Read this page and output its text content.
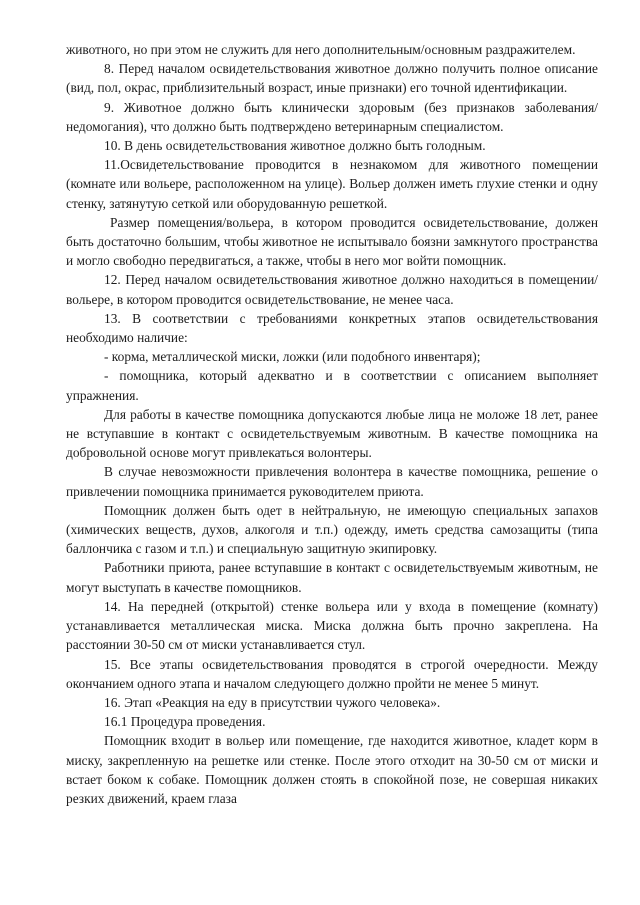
животного, но при этом не служить для него дополнительным/основным раздражителем.

8. Перед началом освидетельствования животное должно получить полное описание (вид, пол, окрас, приблизительный возраст, иные признаки) его точной идентификации.

9. Животное должно быть клинически здоровым (без признаков заболевания/недомогания), что должно быть подтверждено ветеринарным специалистом.

10. В день освидетельствования животное должно быть голодным.

11.Освидетельствование проводится в незнакомом для животного помещении (комнате или вольере, расположенном на улице). Вольер должен иметь глухие стенки и одну стенку, затянутую сеткой или оборудованную решеткой.

Размер помещения/вольера, в котором проводится освидетельствование, должен быть достаточно большим, чтобы животное не испытывало боязни замкнутого пространства и могло свободно передвигаться, а также, чтобы в него мог войти помощник.

12. Перед началом освидетельствования животное должно находиться в помещении/вольере, в котором проводится освидетельствование, не менее часа.

13. В соответствии с требованиями конкретных этапов освидетельствования необходимо наличие:

- корма, металлической миски, ложки (или подобного инвентаря);

- помощника, который адекватно и в соответствии с описанием выполняет упражнения.

Для работы в качестве помощника допускаются любые лица не моложе 18 лет, ранее не вступавшие в контакт с освидетельствуемым животным. В качестве помощника на добровольной основе могут привлекаться волонтеры.

В случае невозможности привлечения волонтера в качестве помощника, решение о привлечении помощника принимается руководителем приюта.

Помощник должен быть одет в нейтральную, не имеющую специальных запахов (химических веществ, духов, алкоголя и т.п.) одежду, иметь средства самозащиты (типа баллончика с газом и т.п.) и специальную защитную экипировку.

Работники приюта, ранее вступавшие в контакт с освидетельствуемым животным, не могут выступать в качестве помощников.

14. На передней (открытой) стенке вольера или у входа в помещение (комнату) устанавливается металлическая миска. Миска должна быть прочно закреплена. На расстоянии 30-50 см от миски устанавливается стул.

15. Все этапы освидетельствования проводятся в строгой очередности. Между окончанием одного этапа и началом следующего должно пройти не менее 5 минут.

16. Этап «Реакция на еду в присутствии чужого человека».

16.1 Процедура проведения.

Помощник входит в вольер или помещение, где находится животное, кладет корм в миску, закрепленную на решетке или стенке. После этого отходит на 30-50 см от миски и встает боком к собаке. Помощник должен стоять в спокойной позе, не совершая никаких резких движений, краем глаза
